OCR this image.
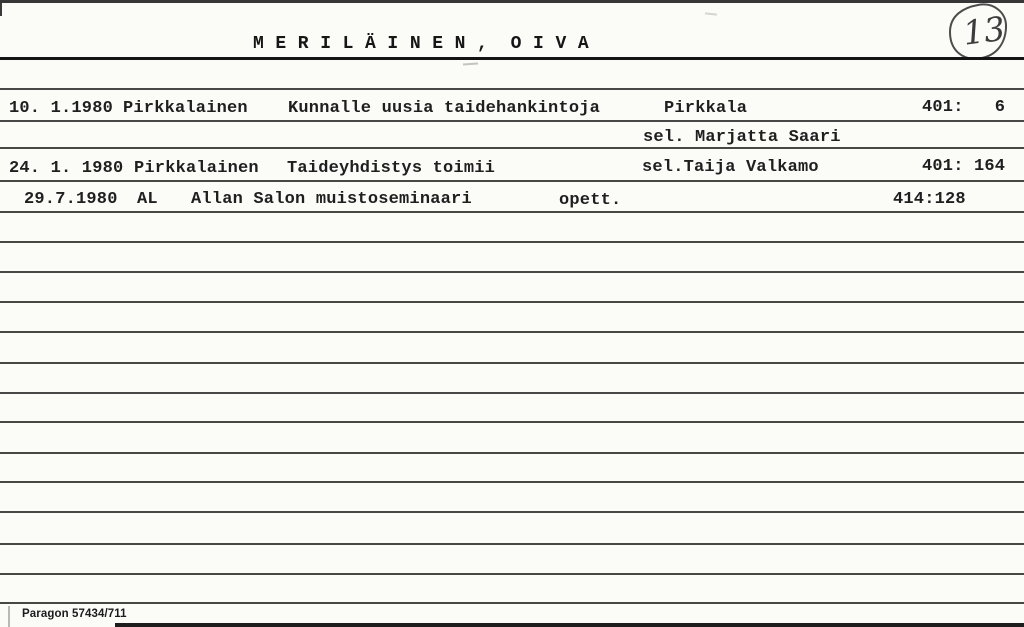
M E R I L Ä I N E N ,  O I V A	13
10. 1.1980 Pirkkalainen Kunnalle uusia taidehankintoja	Pirkkala	401:   6
sel. Marjatta Saari
24. 1. 1980 Pirkkalainen Taideyhdistys toimii	sel.Taija Valkamo	401: 164
29.7.1980 AL Allan Salon muistoseminaari	opett.	414:128
Paragon 57434/711
